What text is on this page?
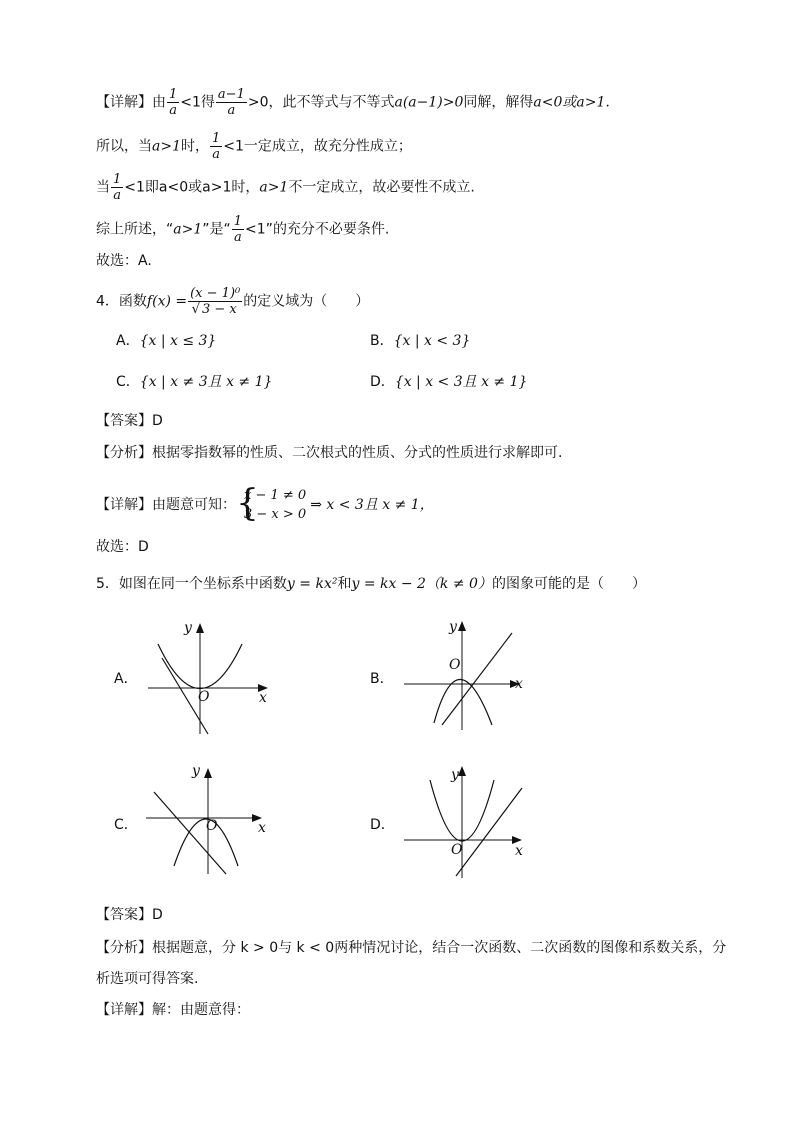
【详解】由 $\frac{1}{a} <1$得 $\frac{a-1}{a} >0$，此不等式与不等式a(a−1)>0同解，解得a<0或a>1.
所以，当a>1时， $\frac{1}{a} <1$一定成立，故充分性成立；
当 $\frac{1}{a} <1$即a<0或a>1时，a>1不一定成立，故必要性不成立.
综上所述，“a>1”是“ $\frac{1}{a} <1$”的充分不必要条件.
故选：A.
4．函数$f(x) = \frac{\text{(x − 1)⁰}}{√ 3 - x}$ 的定义域为（　　）
A．{x | x ≤ 3}	B．{x | x < 3}
C．{x | x ≠ 3且 x ≠ 1}	D．{x | x < 3且 x ≠ 1}
【答案】D
【分析】根据零指数幂的性质、二次根式的性质、分式的性质进行求解即可.
【详解】由题意可知： {
x − 1 ≠ 0
3 − x > 0
⇒ x < 3且 x ≠ 1，
故选：D
5．如图在同一个坐标系中函数y = kx²和y = kx − 2（k ≠ 0）的图象可能的是（　　）
A．	B．
C．	D．
y
O	x
y
O
x
y
O	x
y
O	x
【答案】D
【分析】根据题意，分 k > 0与 k < 0两种情况讨论，结合一次函数、二次函数的图像和系数关系，分
析选项可得答案.
【详解】解：由题意得：
